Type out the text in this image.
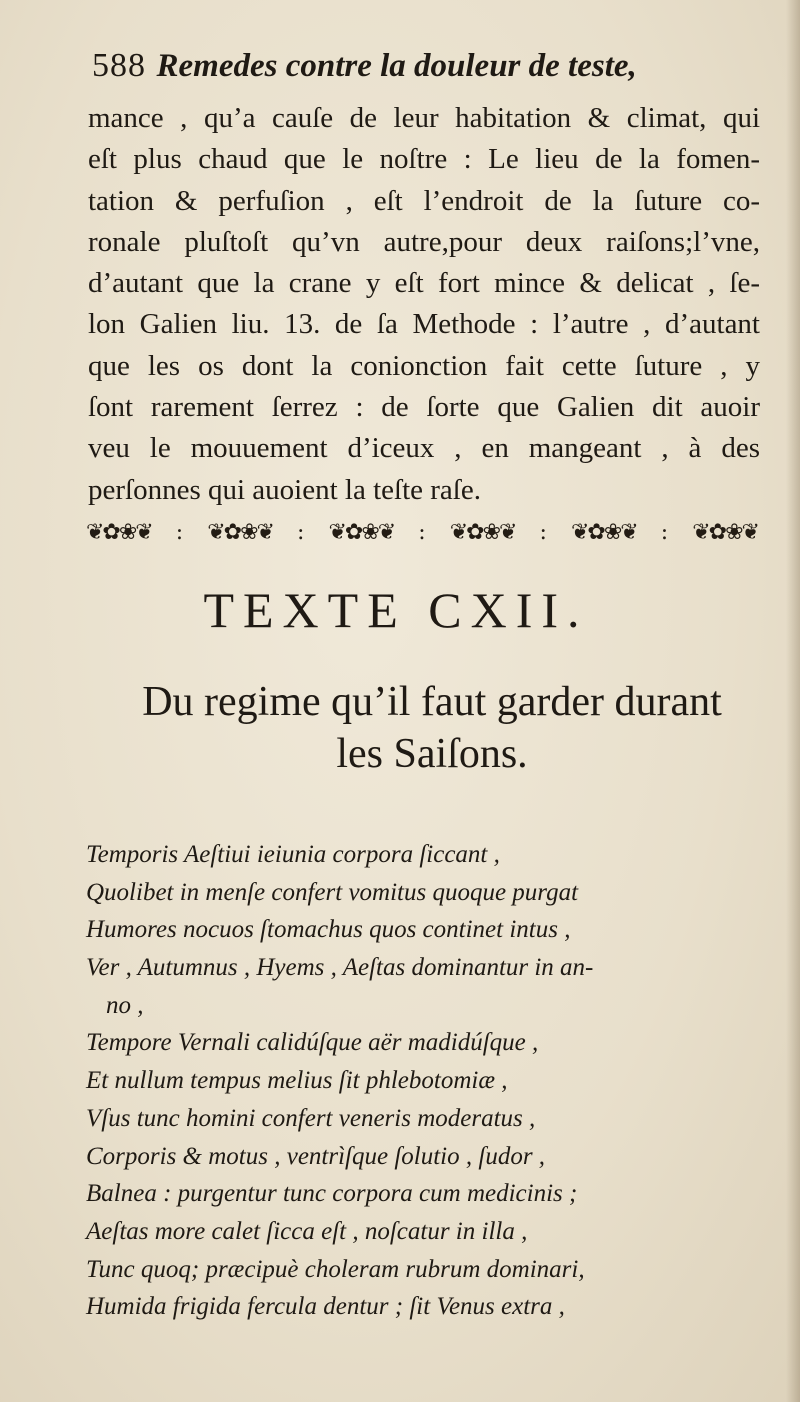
588 Remedes contre la douleur de teste,
mance , qu’a cauſe de leur habitation & climat, qui
eſt plus chaud que le noſtre : Le lieu de la fomen-
tation & perfuſion , eſt l’endroit de la ſuture co-
ronale pluſtoſt qu’vn autre,pour deux raiſons;l’vne,
d’autant que la crane y eſt fort mince & delicat , ſe-
lon Galien liu. 13. de ſa Methode : l’autre , d’autant
que les os dont la conionction fait cette ſuture , y
ſont rarement ſerrez : de ſorte que Galien dit auoir
veu le mouuement d’iceux , en mangeant , à des
perſonnes qui auoient la teſte raſe.
❦✿❀❦ : ❦✿❀❦ : ❦✿❀❦ : ❦✿❀❦ : ❦✿❀❦ : ❦✿❀❦
TEXTE CXII.
Du regime qu’il faut garder durant
les Saiſons.
Temporis Aeſtiui ieiunia corpora ſiccant ,
Quolibet in menſe confert vomitus quoque purgat
Humores nocuos ſtomachus quos continet intus ,
Ver , Autumnus , Hyems , Aeſtas dominantur in an-
no ,
Tempore Vernali calidúſque aër madidúſque ,
Et nullum tempus melius ſit phlebotomiæ ,
Vſus tunc homini confert veneris moderatus ,
Corporis & motus , ventrìſque ſolutio , ſudor ,
Balnea : purgentur tunc corpora cum medicinis ;
Aeſtas more calet ſicca eſt , noſcatur in illa ,
Tunc quoq; præcipuè choleram rubrum dominari,
Humida frigida fercula dentur ; ſit Venus extra ,
